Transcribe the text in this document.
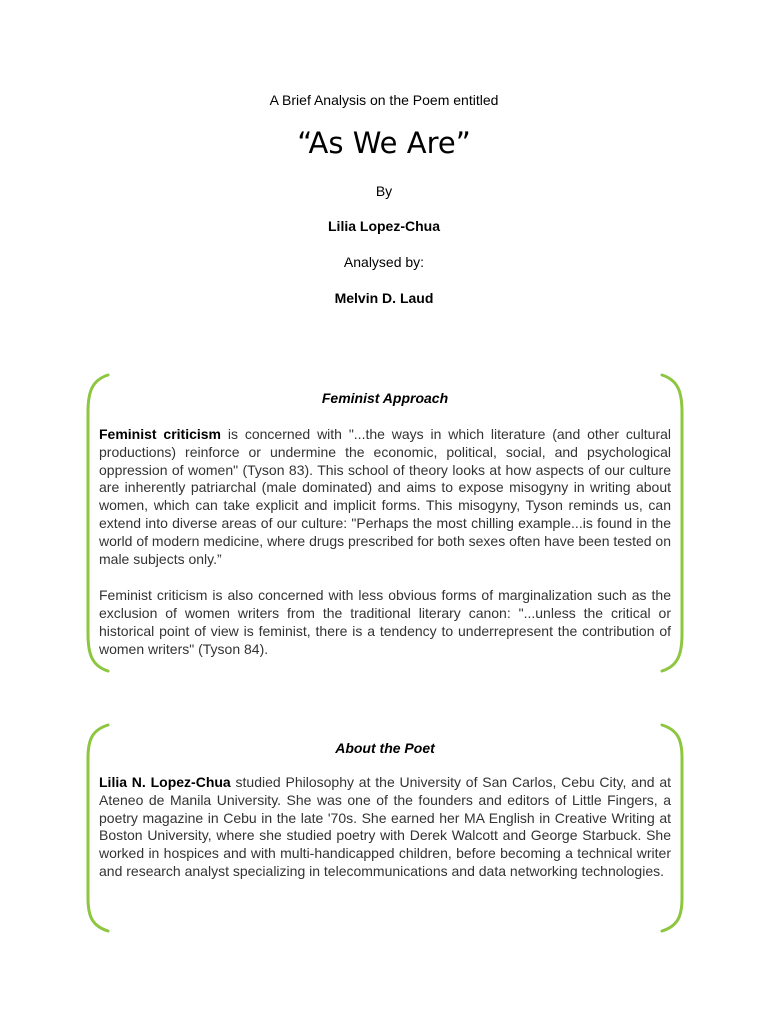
A Brief Analysis on the Poem entitled
“As We Are”
By
Lilia Lopez-Chua
Analysed by:
Melvin D. Laud
Feminist Approach

Feminist criticism is concerned with "...the ways in which literature (and other cultural productions) reinforce or undermine the economic, political, social, and psychological oppression of women" (Tyson 83). This school of theory looks at how aspects of our culture are inherently patriarchal (male dominated) and aims to expose misogyny in writing about women, which can take explicit and implicit forms. This misogyny, Tyson reminds us, can extend into diverse areas of our culture: "Perhaps the most chilling example...is found in the world of modern medicine, where drugs prescribed for both sexes often have been tested on male subjects only.”

Feminist criticism is also concerned with less obvious forms of marginalization such as the exclusion of women writers from the traditional literary canon: "...unless the critical or historical point of view is feminist, there is a tendency to underrepresent the contribution of women writers" (Tyson 84).

About the Poet

Lilia N. Lopez-Chua studied Philosophy at the University of San Carlos, Cebu City, and at Ateneo de Manila University. She was one of the founders and editors of Little Fingers, a poetry magazine in Cebu in the late '70s. She earned her MA English in Creative Writing at Boston University, where she studied poetry with Derek Walcott and George Starbuck. She worked in hospices and with multi-handicapped children, before becoming a technical writer and research analyst specializing in telecommunications and data networking technologies.
